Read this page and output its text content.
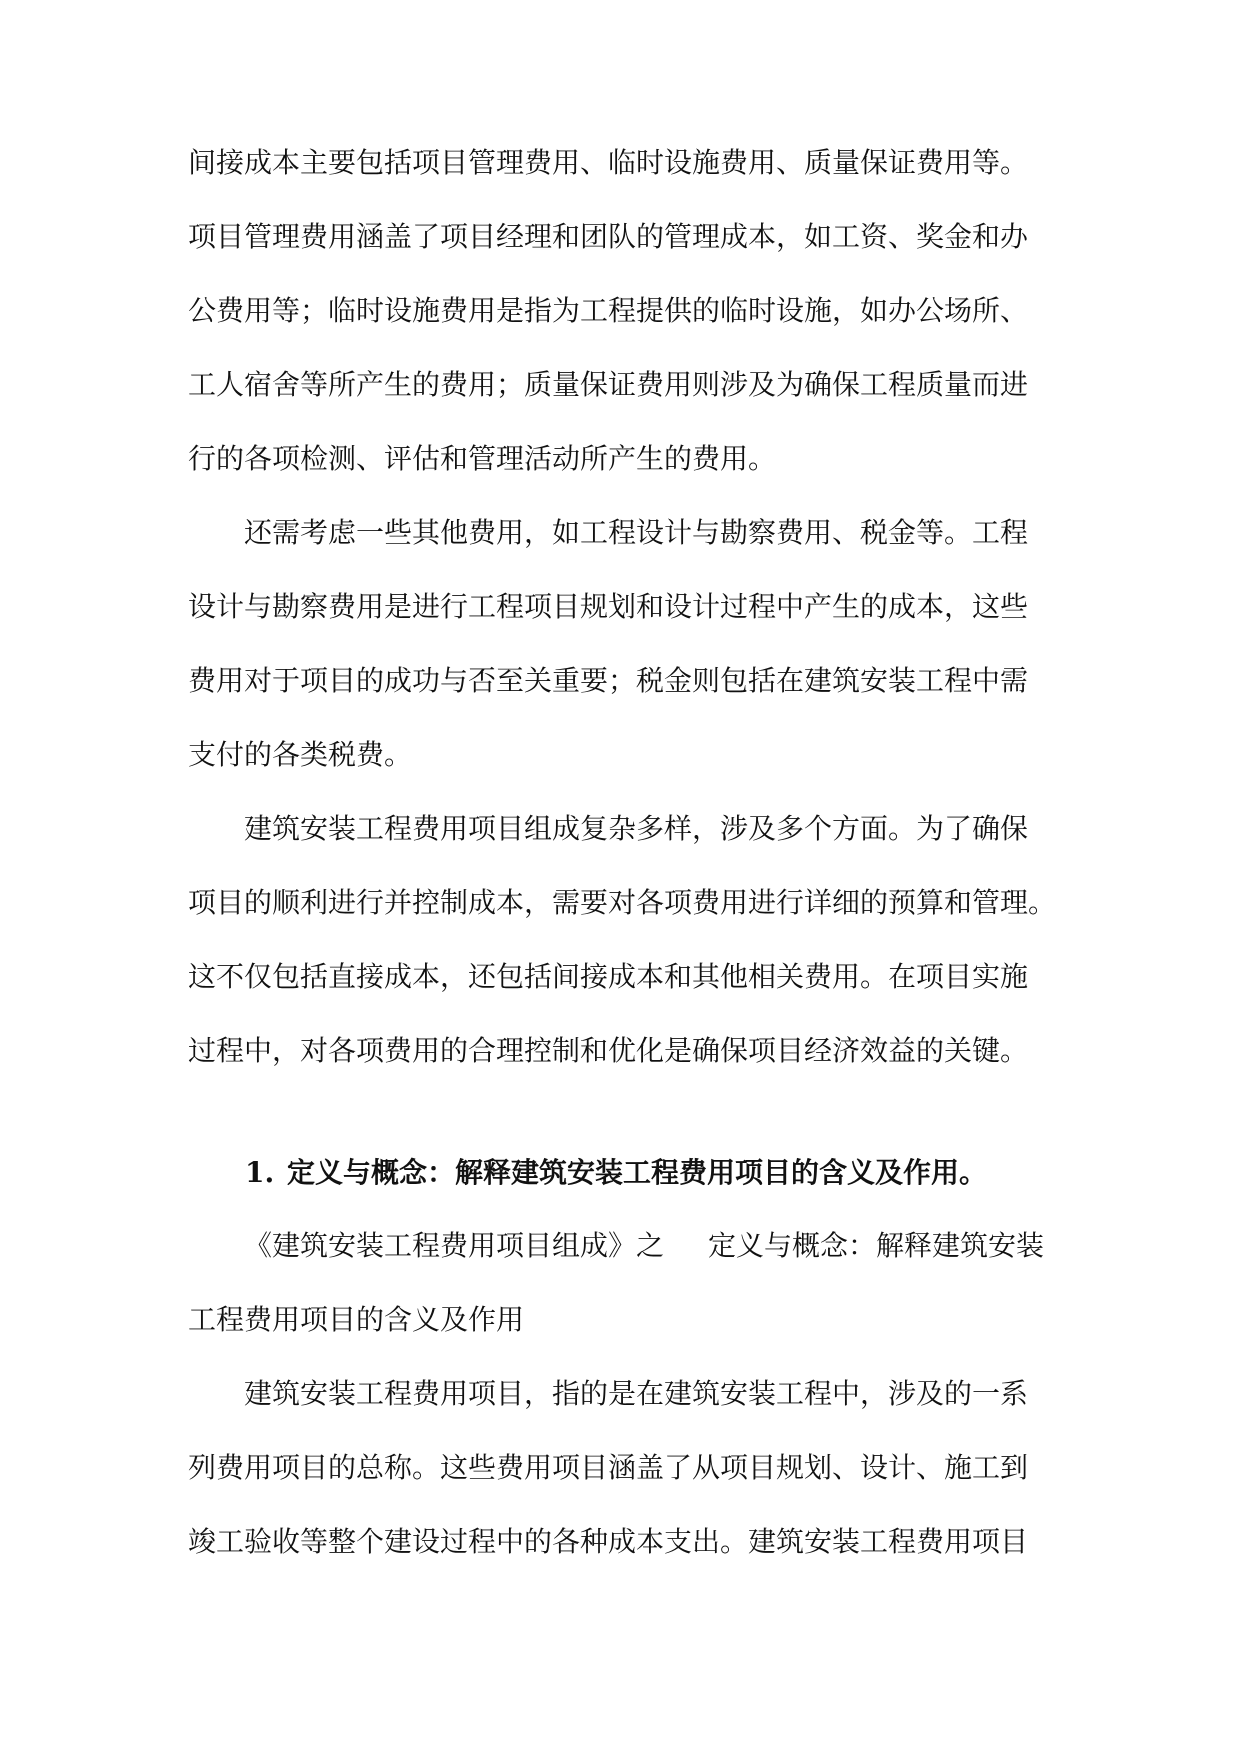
间接成本主要包括项目管理费用、临时设施费用、质量保证费用等。
项目管理费用涵盖了项目经理和团队的管理成本，如工资、奖金和办
公费用等；临时设施费用是指为工程提供的临时设施，如办公场所、
工人宿舍等所产生的费用；质量保证费用则涉及为确保工程质量而进
行的各项检测、评估和管理活动所产生的费用。
还需考虑一些其他费用，如工程设计与勘察费用、税金等。工程
设计与勘察费用是进行工程项目规划和设计过程中产生的成本，这些
费用对于项目的成功与否至关重要；税金则包括在建筑安装工程中需
支付的各类税费。
建筑安装工程费用项目组成复杂多样，涉及多个方面。为了确保
项目的顺利进行并控制成本，需要对各项费用进行详细的预算和管理。
这不仅包括直接成本，还包括间接成本和其他相关费用。在项目实施
过程中，对各项费用的合理控制和优化是确保项目经济效益的关键。
1. 定义与概念：解释建筑安装工程费用项目的含义及作用。
《建筑安装工程费用项目组成》之 定义与概念：解释建筑安装
工程费用项目的含义及作用
建筑安装工程费用项目，指的是在建筑安装工程中，涉及的一系
列费用项目的总称。这些费用项目涵盖了从项目规划、设计、施工到
竣工验收等整个建设过程中的各种成本支出。建筑安装工程费用项目
